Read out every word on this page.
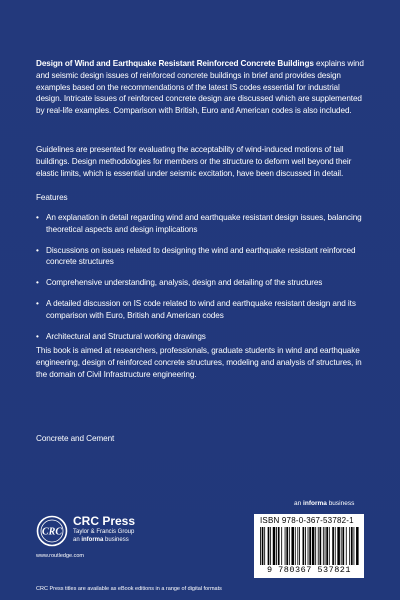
Design of Wind and Earthquake Resistant Reinforced Concrete Buildings explains wind and seismic design issues of reinforced concrete buildings in brief and provides design examples based on the recommendations of the latest IS codes essential for industrial design. Intricate issues of reinforced concrete design are discussed which are supplemented by real-life examples. Comparison with British, Euro and American codes is also included.
Guidelines are presented for evaluating the acceptability of wind-induced motions of tall buildings. Design methodologies for members or the structure to deform well beyond their elastic limits, which is essential under seismic excitation, have been discussed in detail.
Features
• An explanation in detail regarding wind and earthquake resistant design issues, balancing theoretical aspects and design implications
• Discussions on issues related to designing the wind and earthquake resistant reinforced concrete structures
• Comprehensive understanding, analysis, design and detailing of the structures
• A detailed discussion on IS code related to wind and earthquake resistant design and its comparison with Euro, British and American codes
• Architectural and Structural working drawings
This book is aimed at researchers, professionals, graduate students in wind and earthquake engineering, design of reinforced concrete structures, modeling and analysis of structures, in the domain of Civil Infrastructure engineering.
Concrete and Cement
an informa business
ISBN 978-0-367-53782-1
9 780367 537821
CRC
CRC Press
Taylor & Francis Group
an informa business
www.routledge.com
CRC Press titles are available as eBook editions in a range of digital formats
